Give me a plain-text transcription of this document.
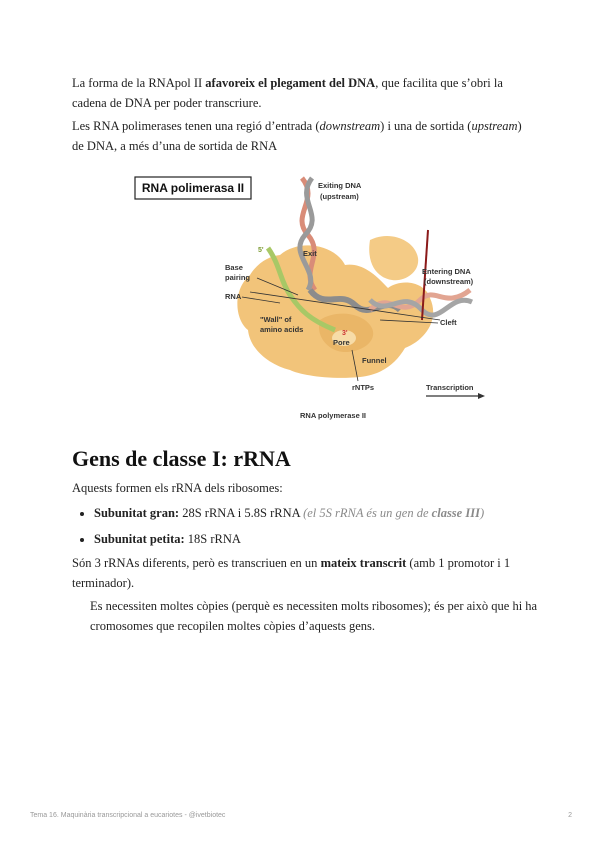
La forma de la RNApol II afavoreix el plegament del DNA, que facilita que s’obri la cadena de DNA per poder transcriure.

Les RNA polimerases tenen una regió d’entrada (downstream) i una de sortida (upstream) de DNA, a més d’una de sortida de RNA

RNA polimerasa II	Exiting DNA
(upstream)
5'	Exit
Base
pairing
RNA
Entering DNA
(downstream)
"Wall" of
amino acids	3'
Pore
Cleft
Funnel
rNTPs	Transcription
RNA polymerase II
Gens de classe I: rRNA

Aquests formen els rRNA dels ribosomes:

• Subunitat gran: 28S rRNA i 5.8S rRNA (el 5S rRNA és un gen de classe III)
• Subunitat petita: 18S rRNA

Són 3 rRNAs diferents, però es transcriuen en un mateix transcrit (amb 1 promotor i 1 terminador).

Es necessiten moltes còpies (perquè es necessiten molts ribosomes); és per això que hi ha cromosomes que recopilen moltes còpies d’aquests gens.

Tema 16. Maquinària transcripcional a eucariotes - @ivetbiotec	2
